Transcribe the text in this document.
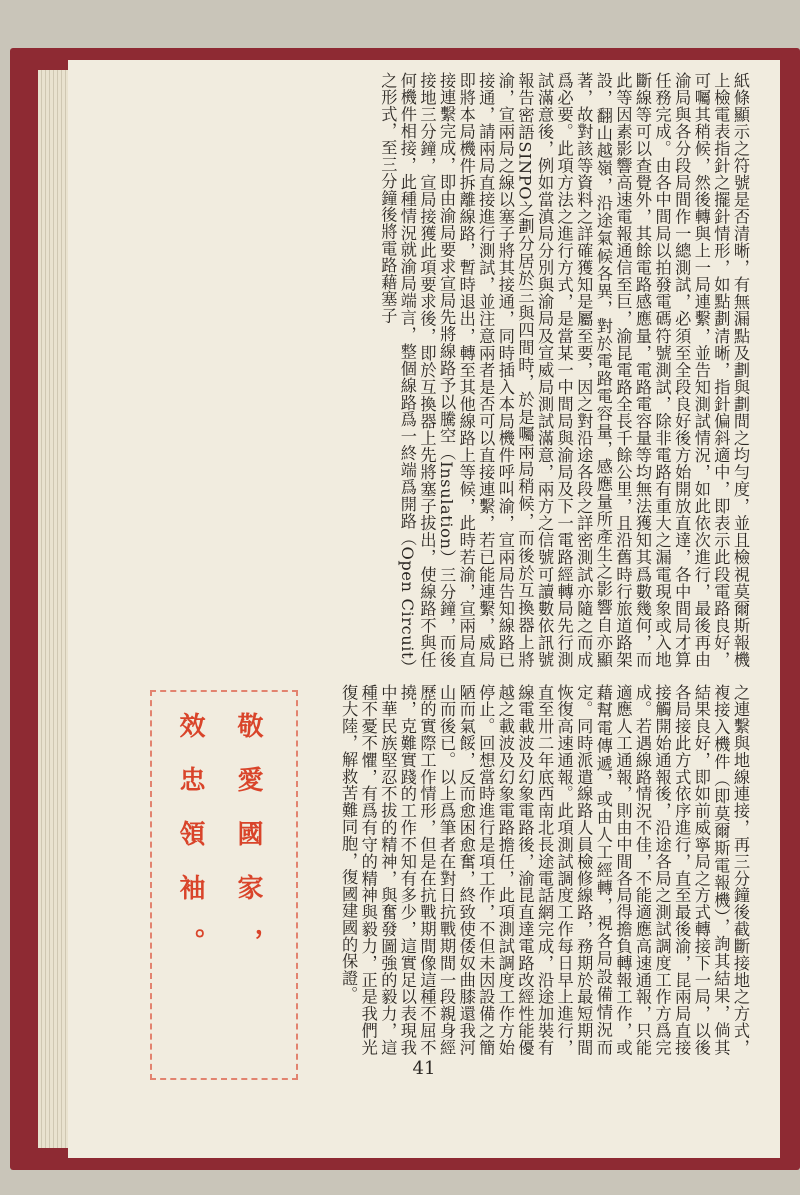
紙條顯示之符號是否清晰，有無漏點及劃與劃間之均勻度，並且檢視莫爾斯報機上檢電表指針之擺針情形，如點劃清晰，指針偏斜適中，即表示此段電路良好，可囑其稍候，然後轉與上一局連繫，並告知測試情況，如此依次進行，最後再由渝局與各分段局間作一總測試，必須至全段良好後方始開放直達，各中間局才算任務完成。由各中間局以拍發電碼符號測試，除非電路有重大之漏電現象或入地斷線等可以查覺外，其餘電路感應量，電路電容量等均無法獲知其爲數幾何，而此等因素影響高速電報通信至巨，渝昆電路全長千餘公里，且沿舊時行旅道路架設，翻山越嶺，沿途氣候各異，對於電路電容量，感應量所產生之影響自亦顯著，故對該等資料之詳確獲知是屬至要，因之對沿途各段之詳密測試亦隨之而成爲必要。此項方法之進行方式，是當某一中間局與渝局及下一電路經轉局先行測試滿意後，例如當滇局分別與渝局及宣威局測試滿意，兩方之信號可讀數依訊號報告密語SINPO之劃分居於三與四間時，於是囑兩局稍候，而後於互換器上將渝，宣兩局之線以塞子將其接通，同時插入本局機件呼叫渝，宣兩局告知線路已接通，請兩局直接進行測試，並注意兩者是否可以直接連繫，若已能連繫，威局即將本局機件拆離線路，暫時退出，轉至其他線路上等候，此時若渝，宣兩局直接連繫完成，即由渝局要求宣局先將線路予以騰空（Insulation）三分鐘，而後接地三分鐘，宣局接獲此項要求後，即於互換器上先將塞子拔出，使線路不與任何機件相接，此種情況就渝局端言，整個線路爲一終端爲開路（Open Circuit）之形式，至三分鐘後將電路藉塞子

之連繫與地線連接，再三分鐘後截斷接地之方式，複接入機件（即莫爾斯電報機），詢其結果，倘其結果良好，即如前威寧局之方式轉接下一局，以後各局接此方式依序進行，直至最後渝，昆兩局直接接觸開始通報後，沿途各局之測試調度工作方爲完成。若遇線路情況不佳，不能適應高速通報，只能適應人工通報，則由中間各局得擔負轉報工作，或藉幫電傳遞，或由人工經轉，視各局設備情況而定。同時派遣線路人員檢修線路，務期於最短期間恢復高速通報。此項測試調度工作每日早上進行，直至卅二年底西南北長途電話網完成，沿途加裝有線電載波及幻象電路後，渝昆直達電路改經性能優越之載波及幻象電路擔任，此項測試調度工作方始停止。回想當時進行是項工作，不但未因設備之簡陋而氣餒，反而愈困愈奮，終致使倭奴曲膝還我河山而後已。以上爲筆者在對日抗戰期間一段親身經歷的實際工作情形，但是在抗戰期間像這種不屈不撓，克難實踐的工作不知有多少，這實足以表現我中華民族堅忍不拔的精神，與奮發圖強的毅力，這種不憂不懼，有爲有守的精神與毅力，正是我們光復大陸，解救苦難同胞，復國建國的保證。

敬愛國家，
效忠領袖。
41
